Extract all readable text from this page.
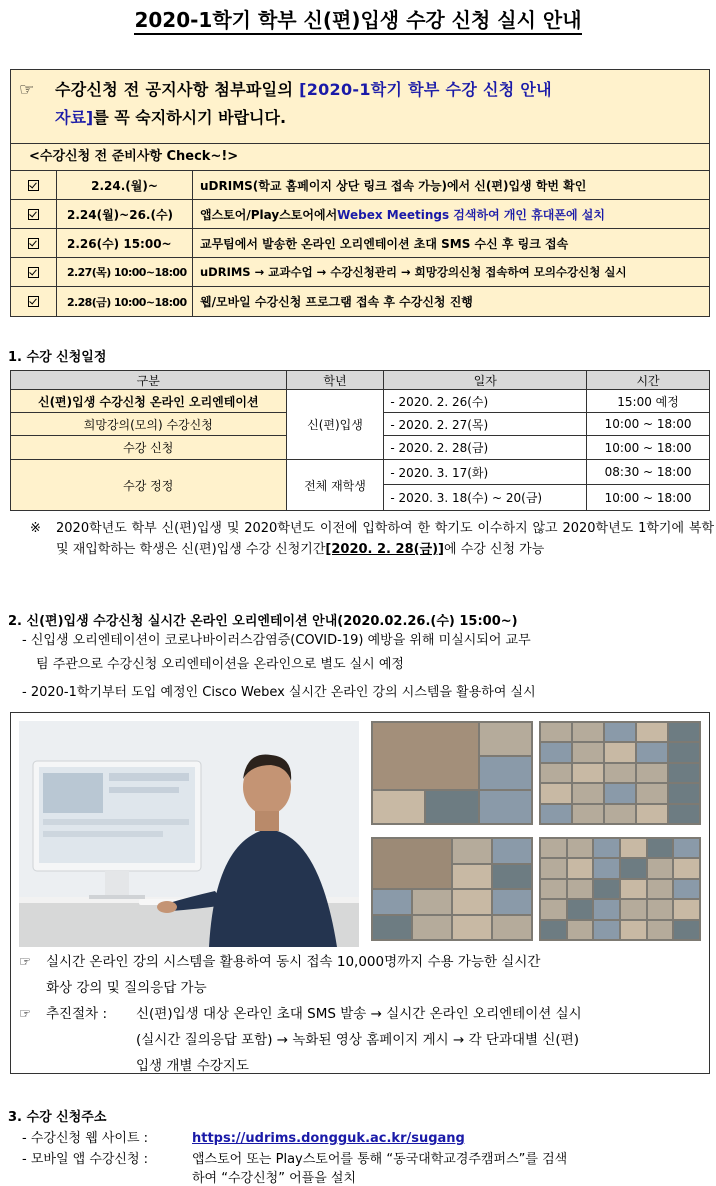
2020-1학기 학부 신(편)입생 수강 신청 실시 안내
☞	수강신청 전 공지사항 첨부파일의 [2020-1학기 학부 수강 신청 안내
자료]를 꼭 숙지하시기 바랍니다.
<수강신청 전 준비사항 Check~!>
2.24.(월)~	uDRIMS(학교 홈페이지 상단 링크 접속 가능)에서 신(편)입생 학번 확인
2.24(월)~26.(수)	앱스토어/Play스토어에서 Webex Meetings 검색하여 개인 휴대폰에 설치
2.26(수) 15:00~	교무팀에서 발송한 온라인 오리엔테이션 초대 SMS 수신 후 링크 접속
2.27(목) 10:00~18:00	uDRIMS → 교과수업 → 수강신청관리 → 희망강의신청 접속하여 모의수강신청 실시
2.28(금) 10:00~18:00	웹/모바일 수강신청 프로그램 접속 후 수강신청 진행
1. 수강 신청일정
구분	학년	일자	시간
신(편)입생 수강신청 온라인 오리엔테이션	신(편)입생	- 2020. 2. 26(수)	15:00 예정
희망강의(모의) 수강신청		- 2020. 2. 27(목)	10:00 ~ 18:00
수강 신청		- 2020. 2. 28(금)	10:00 ~ 18:00
수강 정정	전체 재학생	- 2020. 3. 17(화)	08:30 ~ 18:00
		- 2020. 3. 18(수) ~ 20(금)	10:00 ~ 18:00
※	2020학년도 학부 신(편)입생 및 2020학년도 이전에 입학하여 한 학기도 이수하지 않고 2020학년도 1학기에 복학 및 재입학하는 학생은 신(편)입생 수강 신청기간[2020. 2. 28(금)]에 수강 신청 가능
2. 신(편)입생 수강신청 실시간 온라인 오리엔테이션 안내(2020.02.26.(수) 15:00~)
- 신입생 오리엔테이션이 코로나바이러스감염증(COVID-19) 예방을 위해 미실시되어 교무
팀 주관으로 수강신청 오리엔테이션을 온라인으로 별도 실시 예정
- 2020-1학기부터 도입 예정인 Cisco Webex 실시간 온라인 강의 시스템을 활용하여 실시
☞ 실시간 온라인 강의 시스템을 활용하여 동시 접속 10,000명까지 수용 가능한 실시간
화상 강의 및 질의응답 가능
☞ 추진절차 : 신(편)입생 대상 온라인 초대 SMS 발송 → 실시간 온라인 오리엔테이션 실시
(실시간 질의응답 포함) → 녹화된 영상 홈페이지 게시 → 각 단과대별 신(편)
입생 개별 수강지도
3. 수강 신청주소
- 수강신청 웹 사이트 :	https://udrims.dongguk.ac.kr/sugang
- 모바일 앱 수강신청 :	앱스토어 또는 Play스토어를 통해 “동국대학교경주캠퍼스”를 검색
하여 “수강신청” 어플을 설치
